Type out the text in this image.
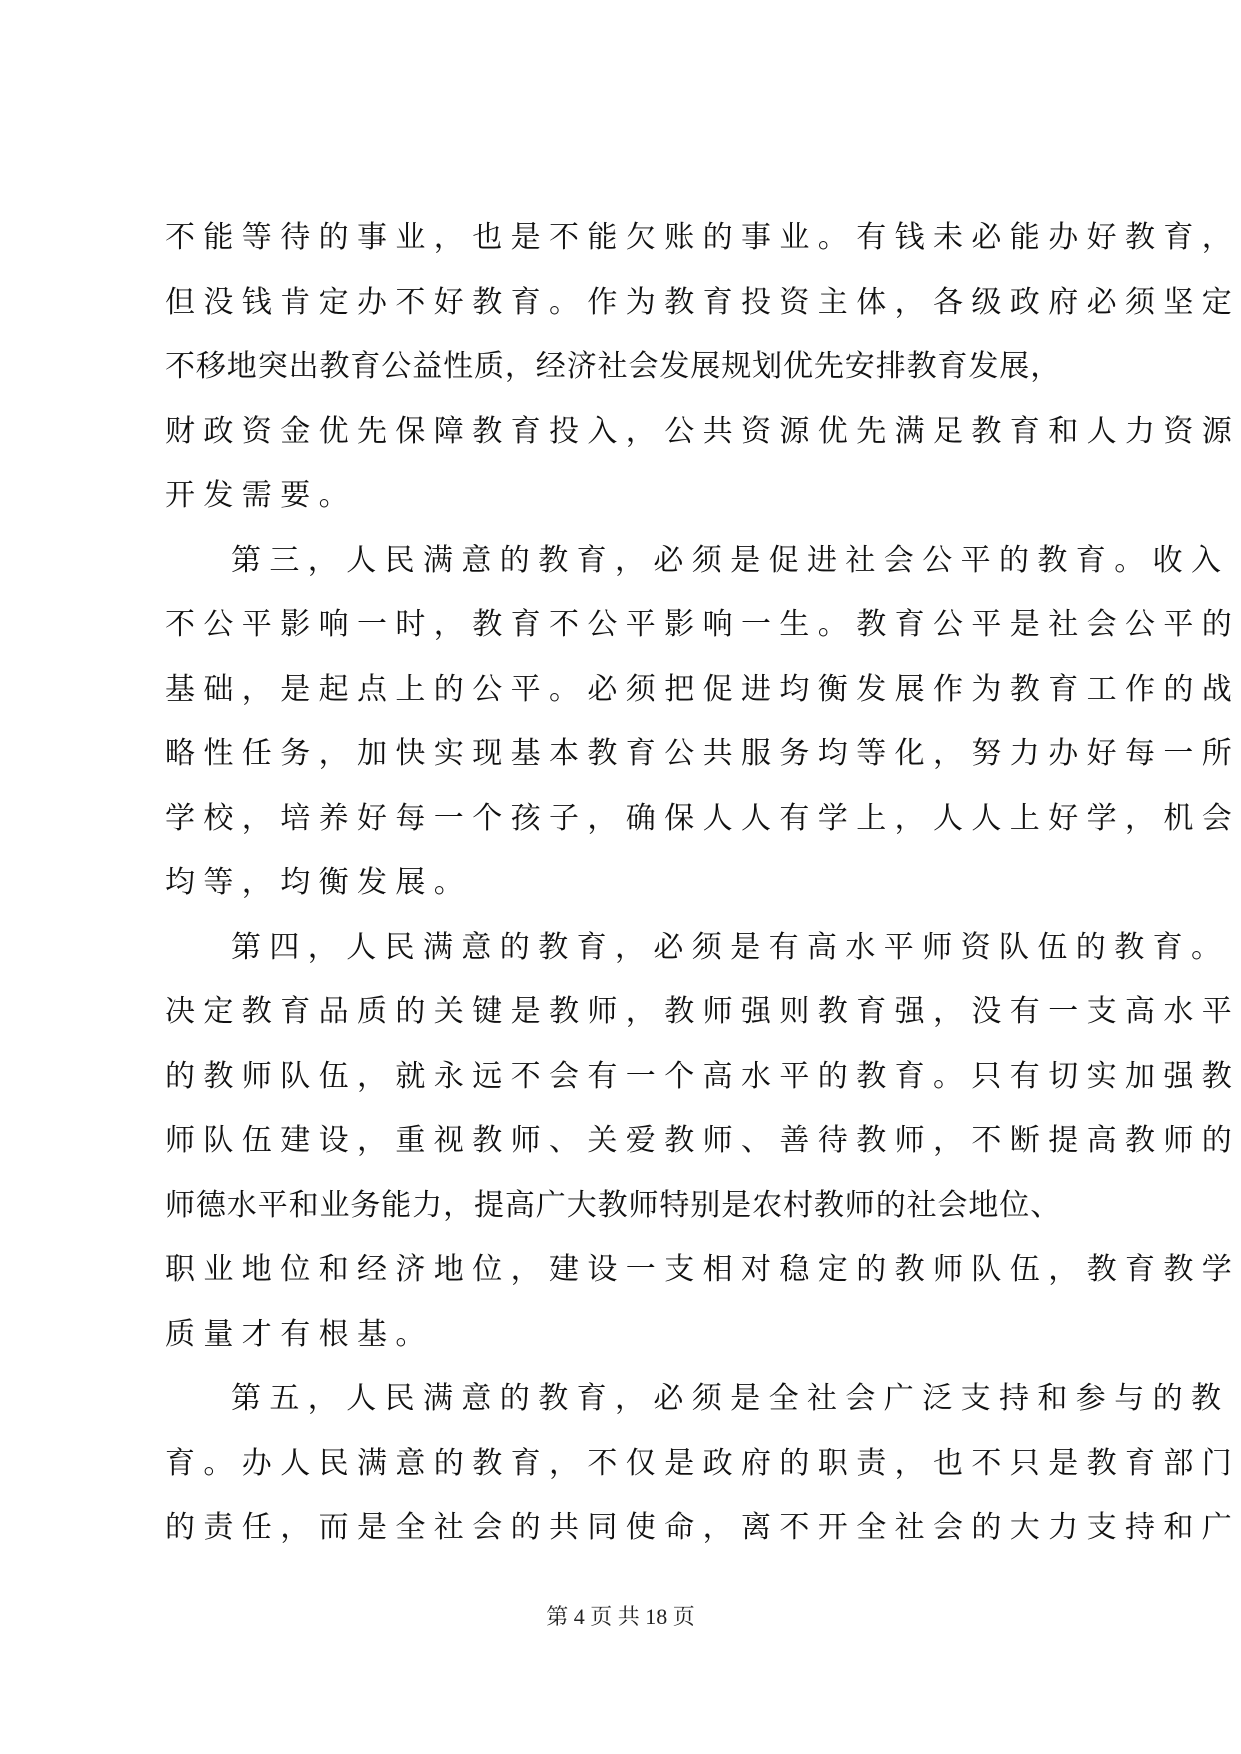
不能等待的事业，也是不能欠账的事业。有钱未必能办好教育，
但没钱肯定办不好教育。作为教育投资主体，各级政府必须坚定
不移地突出教育公益性质，经济社会发展规划优先安排教育发展，
财政资金优先保障教育投入，公共资源优先满足教育和人力资源
开发需要。
第三，人民满意的教育，必须是促进社会公平的教育。收入
不公平影响一时，教育不公平影响一生。教育公平是社会公平的
基础，是起点上的公平。必须把促进均衡发展作为教育工作的战
略性任务，加快实现基本教育公共服务均等化，努力办好每一所
学校，培养好每一个孩子，确保人人有学上，人人上好学，机会
均等，均衡发展。
第四，人民满意的教育，必须是有高水平师资队伍的教育。
决定教育品质的关键是教师，教师强则教育强，没有一支高水平
的教师队伍，就永远不会有一个高水平的教育。只有切实加强教
师队伍建设，重视教师、关爱教师、善待教师，不断提高教师的
师德水平和业务能力，提高广大教师特别是农村教师的社会地位、
职业地位和经济地位，建设一支相对稳定的教师队伍，教育教学
质量才有根基。
第五，人民满意的教育，必须是全社会广泛支持和参与的教
育。办人民满意的教育，不仅是政府的职责，也不只是教育部门
的责任，而是全社会的共同使命，离不开全社会的大力支持和广
第 4 页 共 18 页
